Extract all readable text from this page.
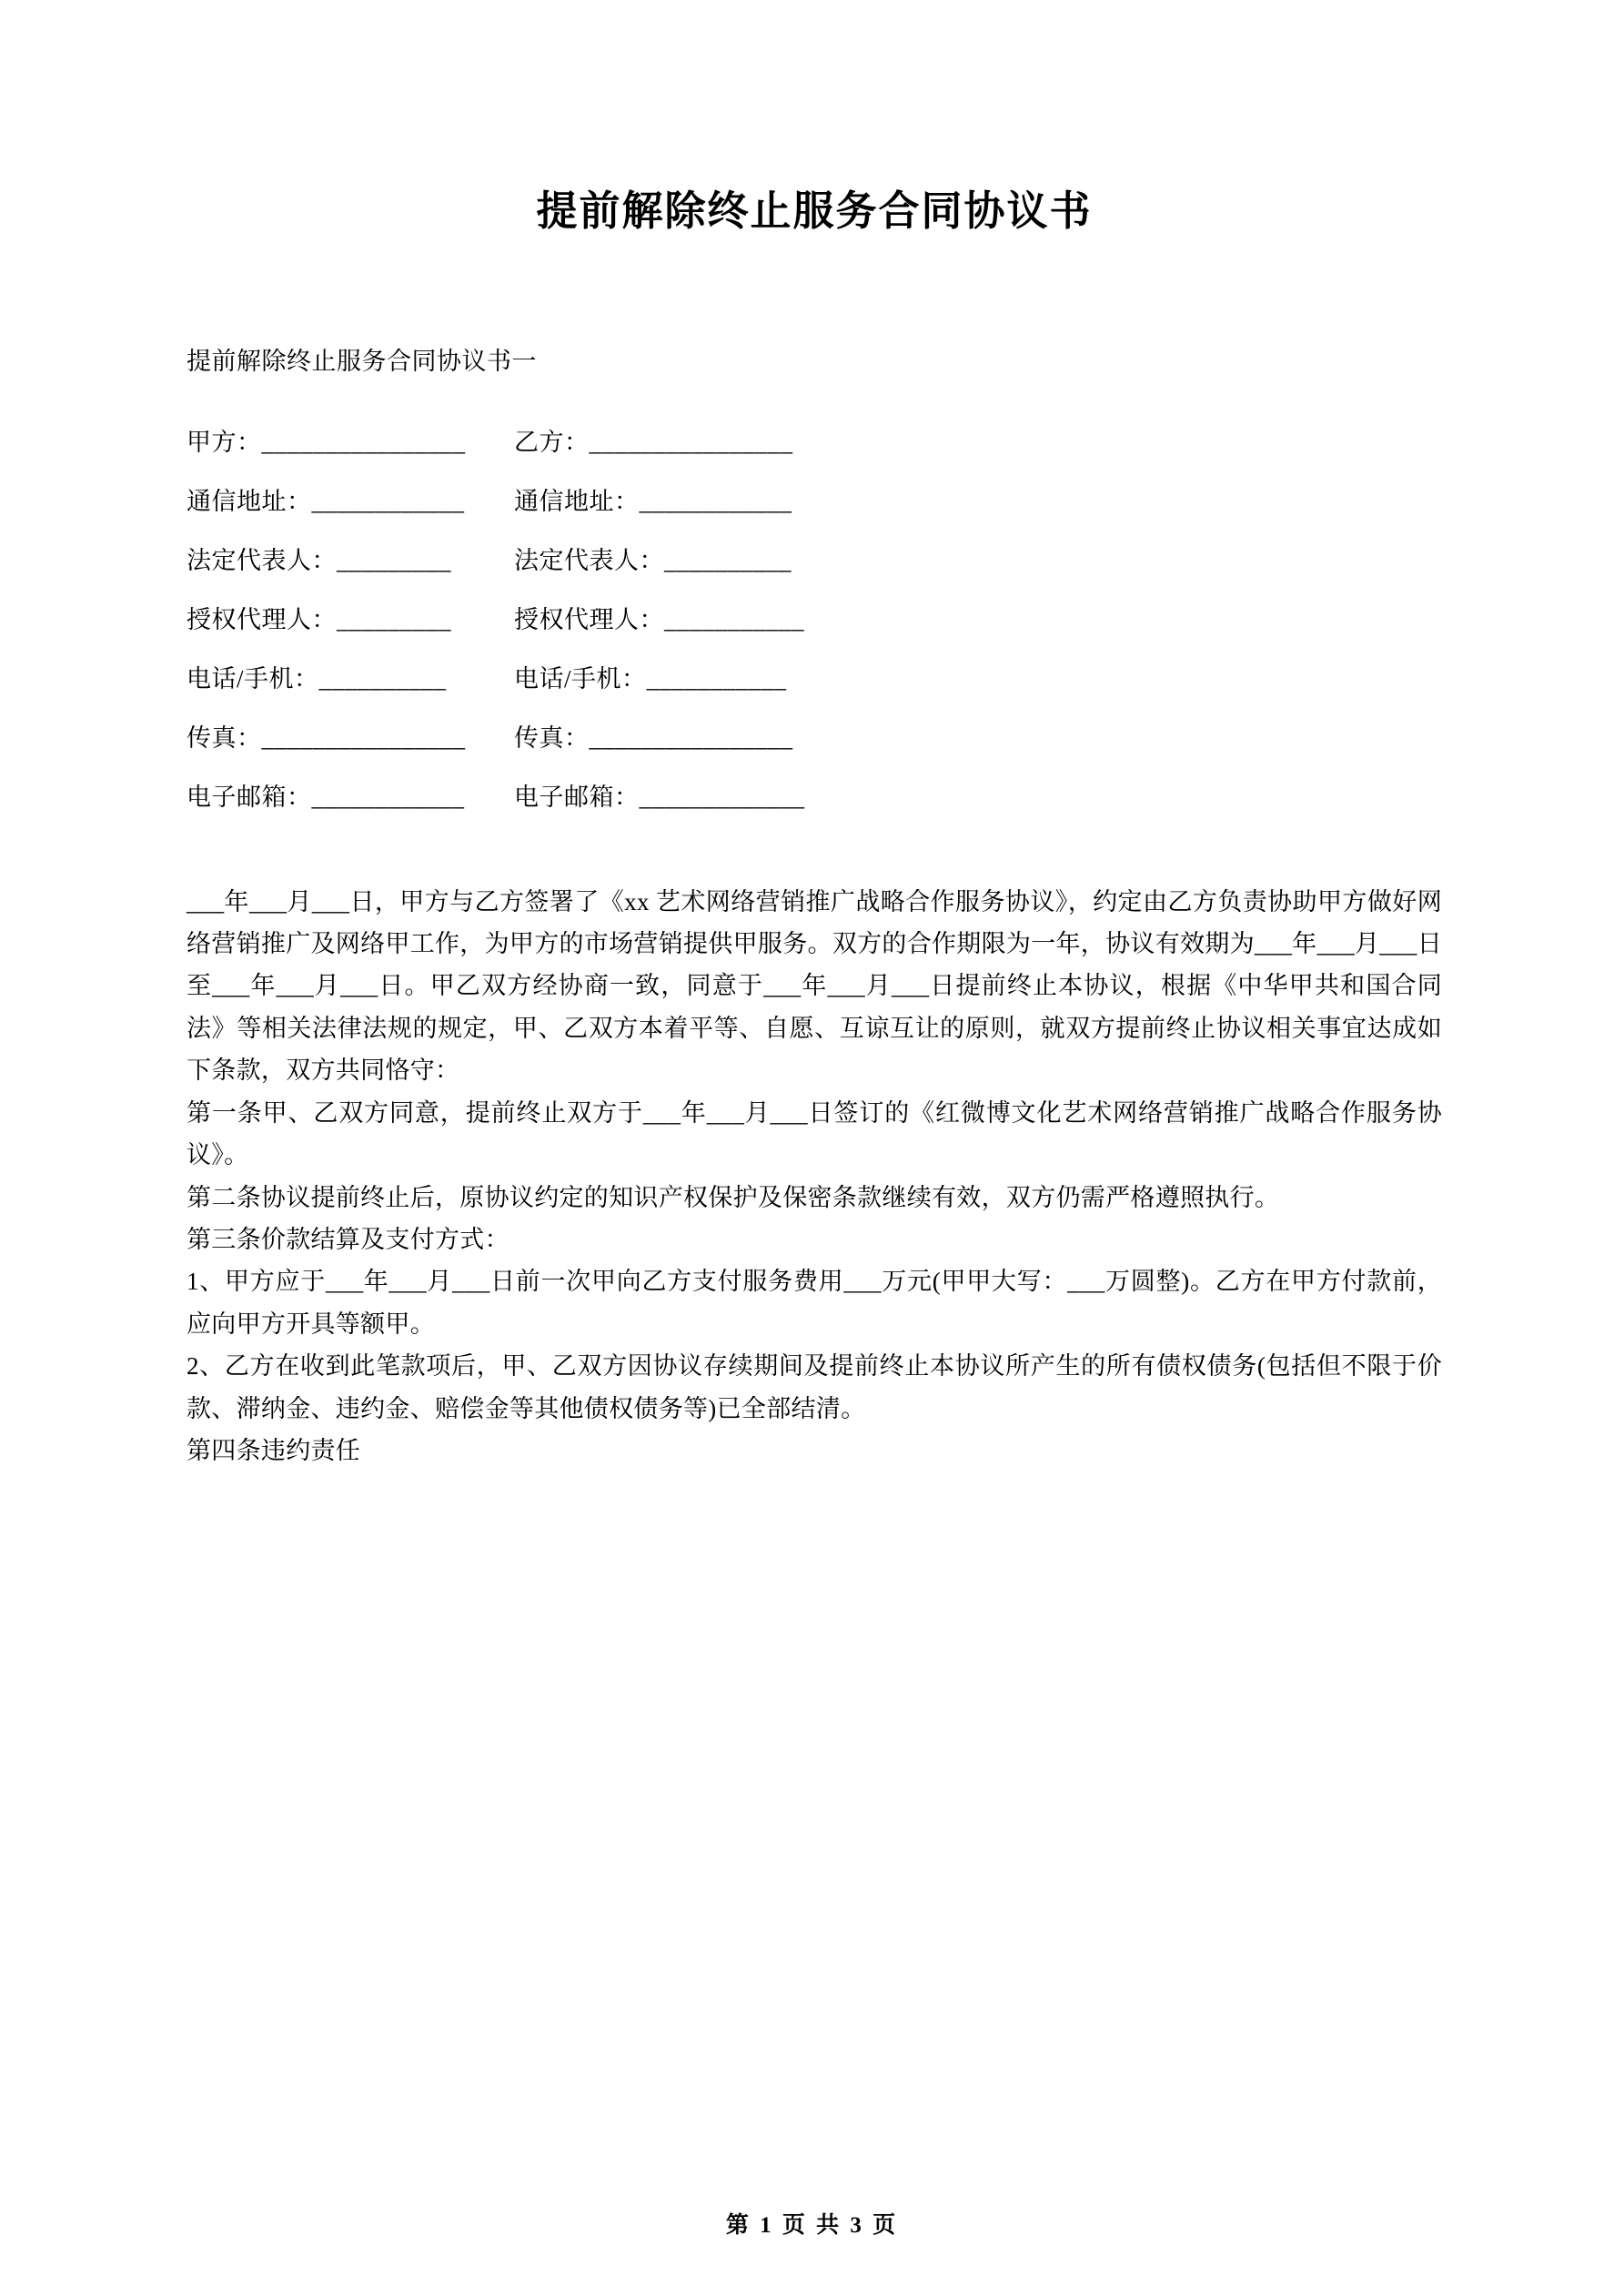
提前解除终止服务合同协议书
提前解除终止服务合同协议书一
甲方：________________	乙方：________________
通信地址：____________	通信地址：____________
法定代表人：_________	法定代表人：__________
授权代理人：_________	授权代理人：___________
电话/手机：__________	电话/手机：___________
传真：________________	传真：________________
电子邮箱：____________	电子邮箱：_____________

___年___月___日，甲方与乙方签署了《xx 艺术网络营销推广战略合作服务协议》，约定由乙方负责协助甲方做好网络营销推广及网络甲工作，为甲方的市场营销提供甲服务。双方的合作期限为一年，协议有效期为___年___月___日至___年___月___日。甲乙双方经协商一致，同意于___年___月___日提前终止本协议，根据《中华甲共和国合同法》等相关法律法规的规定，甲、乙双方本着平等、自愿、互谅互让的原则，就双方提前终止协议相关事宜达成如下条款，双方共同恪守：

第一条甲、乙双方同意，提前终止双方于___年___月___日签订的《红微博文化艺术网络营销推广战略合作服务协议》。

第二条协议提前终止后，原协议约定的知识产权保护及保密条款继续有效，双方仍需严格遵照执行。

第三条价款结算及支付方式：

1、甲方应于___年___月___日前一次甲向乙方支付服务费用___万元(甲甲大写：___万圆整)。乙方在甲方付款前，应向甲方开具等额甲。

2、乙方在收到此笔款项后，甲、乙双方因协议存续期间及提前终止本协议所产生的所有债权债务(包括但不限于价款、滞纳金、违约金、赔偿金等其他债权债务等)已全部结清。

第四条违约责任

第 1 页 共 3 页
